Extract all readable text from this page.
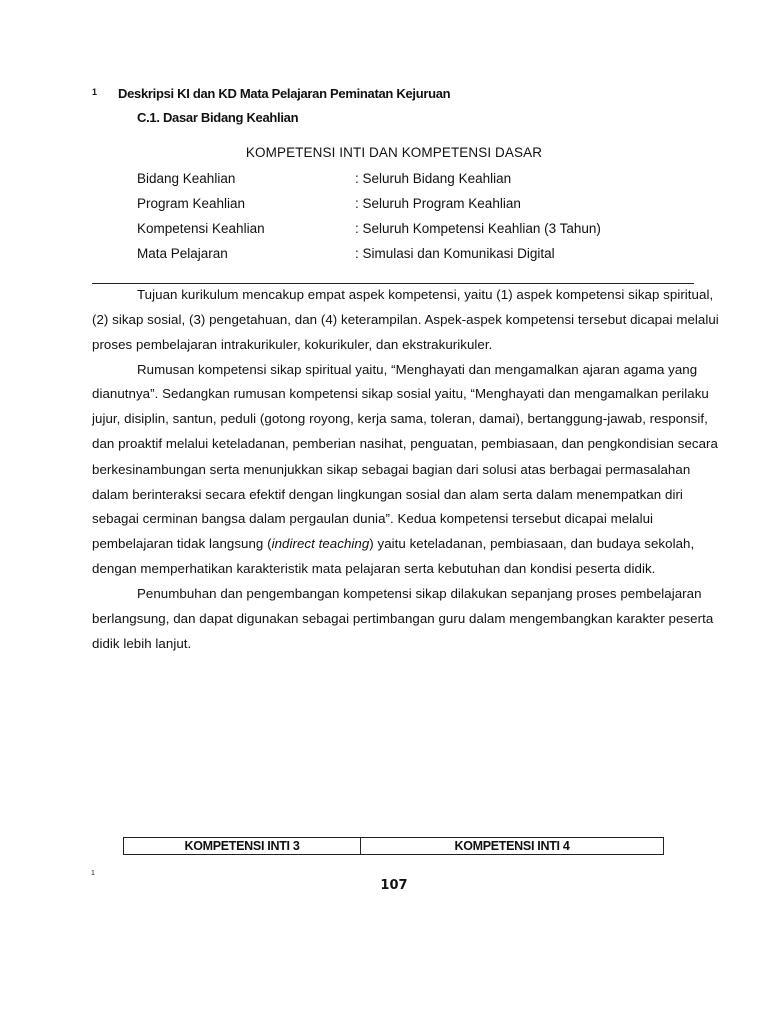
1 Deskripsi KI dan KD Mata Pelajaran Peminatan Kejuruan
C.1. Dasar Bidang Keahlian
KOMPETENSI INTI DAN KOMPETENSI DASAR
Bidang Keahlian	: Seluruh Bidang Keahlian
Program Keahlian	: Seluruh Program Keahlian
Kompetensi Keahlian	: Seluruh Kompetensi Keahlian (3 Tahun)
Mata Pelajaran	: Simulasi dan Komunikasi Digital
Tujuan kurikulum mencakup empat aspek kompetensi, yaitu (1) aspek kompetensi sikap spiritual,
(2) sikap sosial, (3) pengetahuan, dan (4) keterampilan. Aspek-aspek kompetensi tersebut dicapai melalui
proses pembelajaran intrakurikuler, kokurikuler, dan ekstrakurikuler.
Rumusan kompetensi sikap spiritual yaitu, “Menghayati dan mengamalkan ajaran agama yang
dianutnya”. Sedangkan rumusan kompetensi sikap sosial yaitu, “Menghayati dan mengamalkan perilaku
jujur, disiplin, santun, peduli (gotong royong, kerja sama, toleran, damai), bertanggung-jawab, responsif,
dan proaktif melalui keteladanan, pemberian nasihat, penguatan, pembiasaan, dan pengkondisian secara
berkesinambungan serta menunjukkan sikap sebagai bagian dari solusi atas berbagai permasalahan
dalam berinteraksi secara efektif dengan lingkungan sosial dan alam serta dalam menempatkan diri
sebagai cerminan bangsa dalam pergaulan dunia”. Kedua kompetensi tersebut dicapai melalui
pembelajaran tidak langsung (indirect teaching) yaitu keteladanan, pembiasaan, dan budaya sekolah,
dengan memperhatikan karakteristik mata pelajaran serta kebutuhan dan kondisi peserta didik.
Penumbuhan dan pengembangan kompetensi sikap dilakukan sepanjang proses pembelajaran
berlangsung, dan dapat digunakan sebagai pertimbangan guru dalam mengembangkan karakter peserta
didik lebih lanjut.
KOMPETENSI INTI 3	KOMPETENSI INTI 4
1
107
